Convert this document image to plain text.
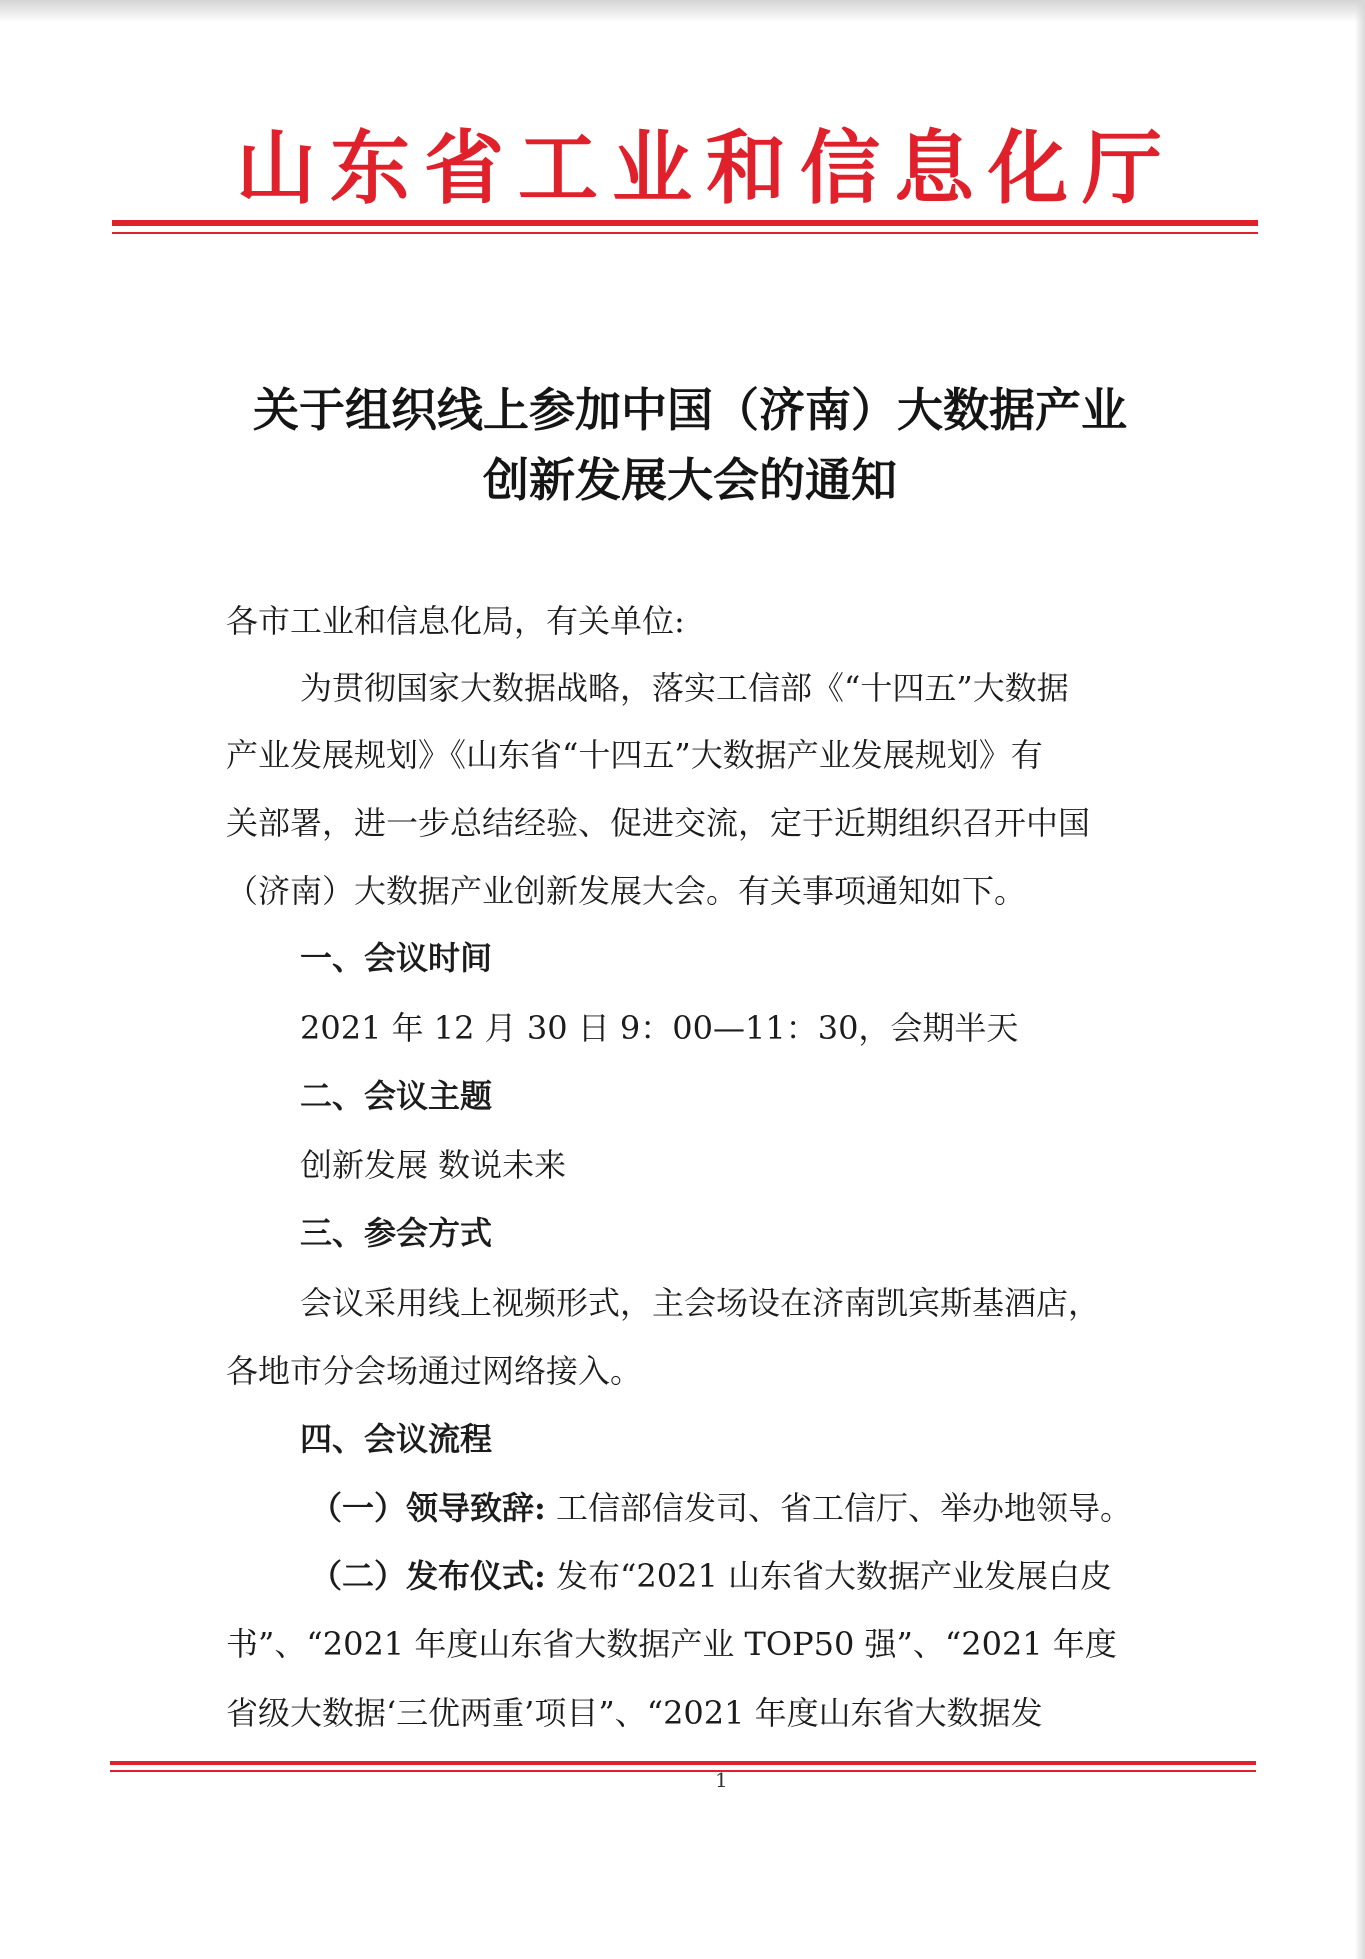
山东省工业和信息化厅
关于组织线上参加中国（济南）大数据产业
创新发展大会的通知
各市工业和信息化局，有关单位:
为贯彻国家大数据战略，落实工信部《“十四五”大数据
产业发展规划》《山东省“十四五”大数据产业发展规划》有
关部署，进一步总结经验、促进交流，定于近期组织召开中国
（济南）大数据产业创新发展大会。有关事项通知如下。
一、会议时间
2021 年 12 月 30 日 9：00—11：30，会期半天
二、会议主题
创新发展 数说未来
三、参会方式
会议采用线上视频形式，主会场设在济南凯宾斯基酒店，
各地市分会场通过网络接入。
四、会议流程
（一）领导致辞: 工信部信发司、省工信厅、举办地领导。
（二）发布仪式: 发布“2021 山东省大数据产业发展白皮
书”、“2021 年度山东省大数据产业 TOP50 强”、“2021 年度
省级大数据‘三优两重’项目”、“2021 年度山东省大数据发
1
